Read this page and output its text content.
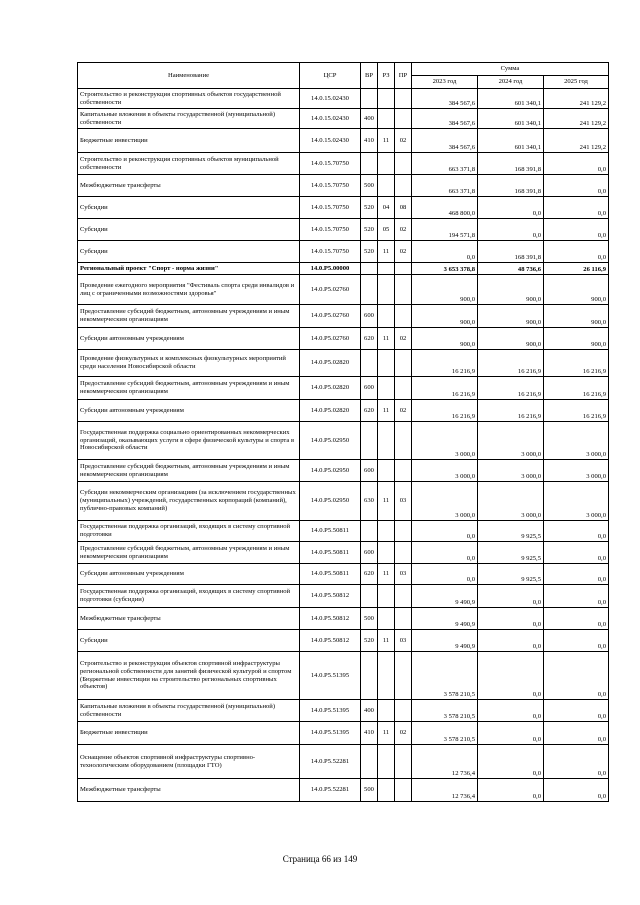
Наименование	ЦСР	ВР	РЗ	ПР	Сумма		
					2023 год	2024 год	2025 год
Строительство и реконструкция спортивных объектов государственной собственности	14.0.15.02430				384 567,6	601 340,1	241 129,2
Капитальные вложения в объекты государственной (муниципальной) собственности	14.0.15.02430	400			384 567,6	601 340,1	241 129,2
Бюджетные инвестиции	14.0.15.02430	410	11	02	384 567,6	601 340,1	241 129,2
Строительство и реконструкция спортивных объектов муниципальной собственности	14.0.15.70750				663 371,8	168 391,8	0,0
Межбюджетные трансферты	14.0.15.70750	500			663 371,8	168 391,8	0,0
Субсидии	14.0.15.70750	520	04	08	468 800,0	0,0	0,0
Субсидии	14.0.15.70750	520	05	02	194 571,8	0,0	0,0
Субсидии	14.0.15.70750	520	11	02	0,0	168 391,8	0,0
Региональный проект "Спорт - норма жизни"	14.0.P5.00000				3 653 378,8	48 736,6	26 116,9
Проведение ежегодного мероприятия "Фестиваль спорта среди инвалидов и лиц с ограниченными возможностями здоровья"	14.0.P5.02760				900,0	900,0	900,0
Предоставление субсидий бюджетным, автономным учреждениям и иным некоммерческим организациям	14.0.P5.02760	600			900,0	900,0	900,0
Субсидии автономным учреждениям	14.0.P5.02760	620	11	02	900,0	900,0	900,0
Проведение физкультурных и комплексных физкультурных мероприятий среди населения Новосибирской области	14.0.P5.02820				16 216,9	16 216,9	16 216,9
Предоставление субсидий бюджетным, автономным учреждениям и иным некоммерческим организациям	14.0.P5.02820	600			16 216,9	16 216,9	16 216,9
Субсидии автономным учреждениям	14.0.P5.02820	620	11	02	16 216,9	16 216,9	16 216,9
Государственная поддержка социально ориентированных некоммерческих организаций, оказывающих услуги в сфере физической культуры и спорта в Новосибирской области	14.0.P5.02950				3 000,0	3 000,0	3 000,0
Предоставление субсидий бюджетным, автономным учреждениям и иным некоммерческим организациям	14.0.P5.02950	600			3 000,0	3 000,0	3 000,0
Субсидии некоммерческим организациям (за исключением государственных (муниципальных) учреждений, государственных корпораций (компаний), публично-правовых компаний)	14.0.P5.02950	630	11	03	3 000,0	3 000,0	3 000,0
Государственная поддержка организаций, входящих в систему спортивной подготовки	14.0.P5.50811				0,0	9 925,5	0,0
Предоставление субсидий бюджетным, автономным учреждениям и иным некоммерческим организациям	14.0.P5.50811	600			0,0	9 925,5	0,0
Субсидии автономным учреждениям	14.0.P5.50811	620	11	03	0,0	9 925,5	0,0
Государственная поддержка организаций, входящих в систему спортивной подготовки (субсидии)	14.0.P5.50812				9 490,9	0,0	0,0
Межбюджетные трансферты	14.0.P5.50812	500			9 490,9	0,0	0,0
Субсидии	14.0.P5.50812	520	11	03	9 490,9	0,0	0,0
Строительство и реконструкция объектов спортивной инфраструктуры региональной собственности для занятий физической культурой и спортом (Бюджетные инвестиции на строительство региональных спортивных объектов)	14.0.P5.51395				3 578 210,5	0,0	0,0
Капитальные вложения в объекты государственной (муниципальной) собственности	14.0.P5.51395	400			3 578 210,5	0,0	0,0
Бюджетные инвестиции	14.0.P5.51395	410	11	02	3 578 210,5	0,0	0,0
Оснащение объектов спортивной инфраструктуры спортивно-технологическим оборудованием (площадки ГТО)	14.0.P5.52281				12 736,4	0,0	0,0
Межбюджетные трансферты	14.0.P5.52281	500			12 736,4	0,0	0,0
Страница 66 из 149
